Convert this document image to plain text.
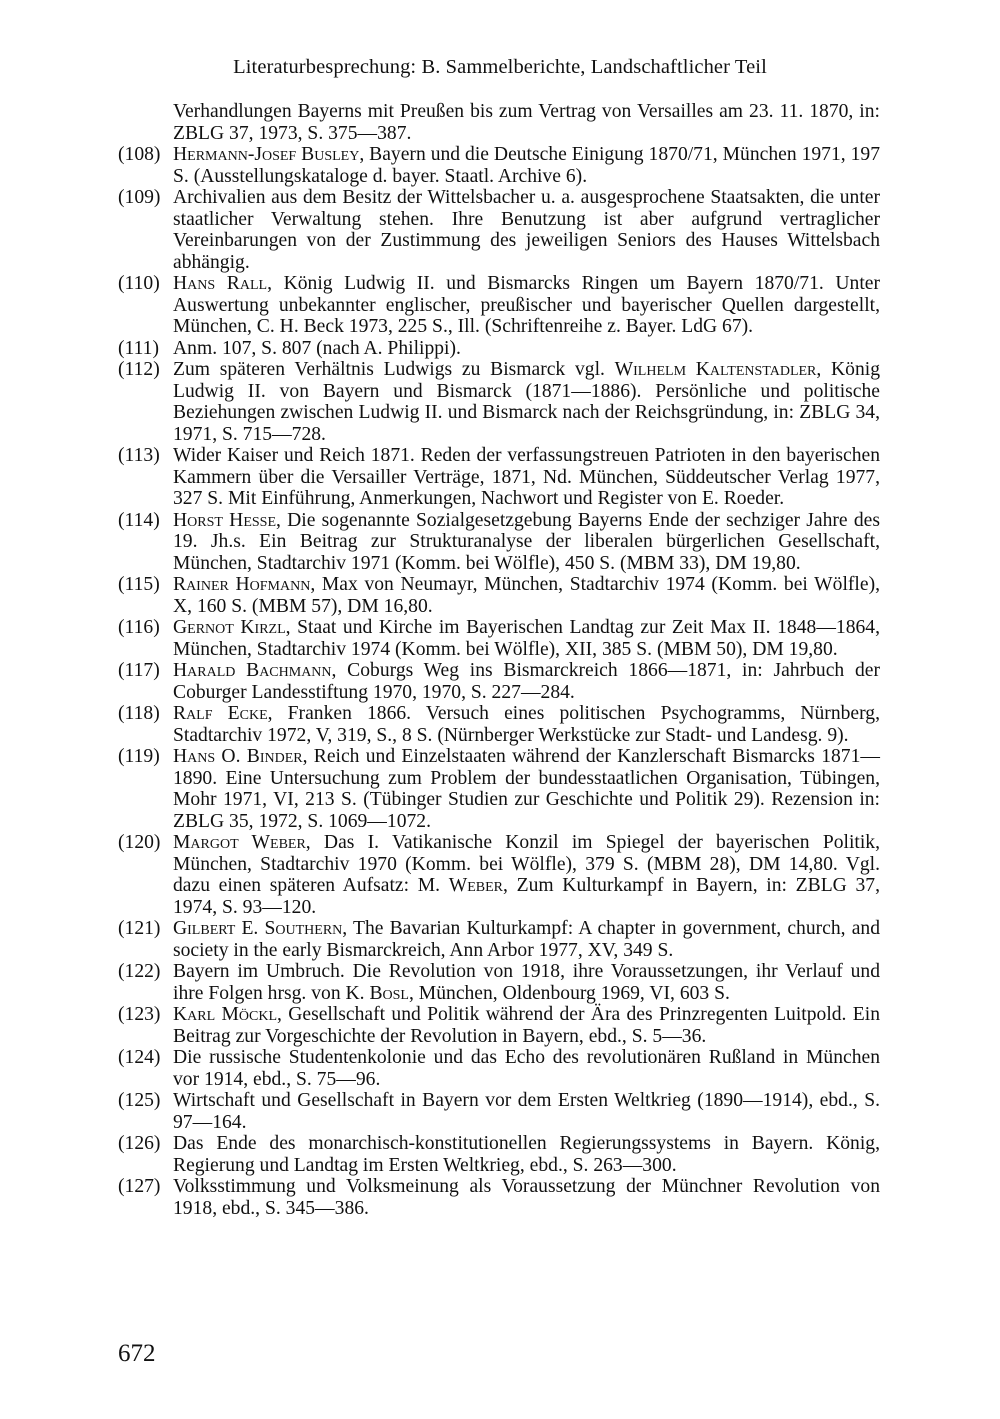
Literaturbesprechung: B. Sammelberichte, Landschaftlicher Teil
Verhandlungen Bayerns mit Preußen bis zum Vertrag von Versailles am 23. 11. 1870, in: ZBLG 37, 1973, S. 375—387.
(108) Hermann-Josef Busley, Bayern und die Deutsche Einigung 1870/71, München 1971, 197 S. (Ausstellungskataloge d. bayer. Staatl. Archive 6).
(109) Archivalien aus dem Besitz der Wittelsbacher u. a. ausgesprochene Staatsakten, die unter staatlicher Verwaltung stehen. Ihre Benutzung ist aber aufgrund vertraglicher Vereinbarungen von der Zustimmung des jeweiligen Seniors des Hauses Wittelsbach abhängig.
(110) Hans Rall, König Ludwig II. und Bismarcks Ringen um Bayern 1870/71. Unter Auswertung unbekannter englischer, preußischer und bayerischer Quellen dargestellt, München, C. H. Beck 1973, 225 S., Ill. (Schriftenreihe z. Bayer. LdG 67).
(111) Anm. 107, S. 807 (nach A. Philippi).
(112) Zum späteren Verhältnis Ludwigs zu Bismarck vgl. Wilhelm Kaltenstadler, König Ludwig II. von Bayern und Bismarck (1871—1886). Persönliche und politische Beziehungen zwischen Ludwig II. und Bismarck nach der Reichsgründung, in: ZBLG 34, 1971, S. 715—728.
(113) Wider Kaiser und Reich 1871. Reden der verfassungstreuen Patrioten in den bayerischen Kammern über die Versailler Verträge, 1871, Nd. München, Süddeutscher Verlag 1977, 327 S. Mit Einführung, Anmerkungen, Nachwort und Register von E. Roeder.
(114) Horst Hesse, Die sogenannte Sozialgesetzgebung Bayerns Ende der sechziger Jahre des 19. Jh.s. Ein Beitrag zur Strukturanalyse der liberalen bürgerlichen Gesellschaft, München, Stadtarchiv 1971 (Komm. bei Wölfle), 450 S. (MBM 33), DM 19,80.
(115) Rainer Hofmann, Max von Neumayr, München, Stadtarchiv 1974 (Komm. bei Wölfle), X, 160 S. (MBM 57), DM 16,80.
(116) Gernot Kirzl, Staat und Kirche im Bayerischen Landtag zur Zeit Max II. 1848—1864, München, Stadtarchiv 1974 (Komm. bei Wölfle), XII, 385 S. (MBM 50), DM 19,80.
(117) Harald Bachmann, Coburgs Weg ins Bismarckreich 1866—1871, in: Jahrbuch der Coburger Landesstiftung 1970, 1970, S. 227—284.
(118) Ralf Ecke, Franken 1866. Versuch eines politischen Psychogramms, Nürnberg, Stadtarchiv 1972, V, 319, S., 8 S. (Nürnberger Werkstücke zur Stadt- und Landesg. 9).
(119) Hans O. Binder, Reich und Einzelstaaten während der Kanzlerschaft Bismarcks 1871—1890. Eine Untersuchung zum Problem der bundesstaatlichen Organisation, Tübingen, Mohr 1971, VI, 213 S. (Tübinger Studien zur Geschichte und Politik 29). Rezension in: ZBLG 35, 1972, S. 1069—1072.
(120) Margot Weber, Das I. Vatikanische Konzil im Spiegel der bayerischen Politik, München, Stadtarchiv 1970 (Komm. bei Wölfle), 379 S. (MBM 28), DM 14,80. Vgl. dazu einen späteren Aufsatz: M. Weber, Zum Kulturkampf in Bayern, in: ZBLG 37, 1974, S. 93—120.
(121) Gilbert E. Southern, The Bavarian Kulturkampf: A chapter in government, church, and society in the early Bismarckreich, Ann Arbor 1977, XV, 349 S.
(122) Bayern im Umbruch. Die Revolution von 1918, ihre Voraussetzungen, ihr Verlauf und ihre Folgen hrsg. von K. Bosl, München, Oldenbourg 1969, VI, 603 S.
(123) Karl Möckl, Gesellschaft und Politik während der Ära des Prinzregenten Luitpold. Ein Beitrag zur Vorgeschichte der Revolution in Bayern, ebd., S. 5—36.
(124) Die russische Studentenkolonie und das Echo des revolutionären Rußland in München vor 1914, ebd., S. 75—96.
(125) Wirtschaft und Gesellschaft in Bayern vor dem Ersten Weltkrieg (1890—1914), ebd., S. 97—164.
(126) Das Ende des monarchisch-konstitutionellen Regierungssystems in Bayern. König, Regierung und Landtag im Ersten Weltkrieg, ebd., S. 263—300.
(127) Volksstimmung und Volksmeinung als Voraussetzung der Münchner Revolution von 1918, ebd., S. 345—386.
672
